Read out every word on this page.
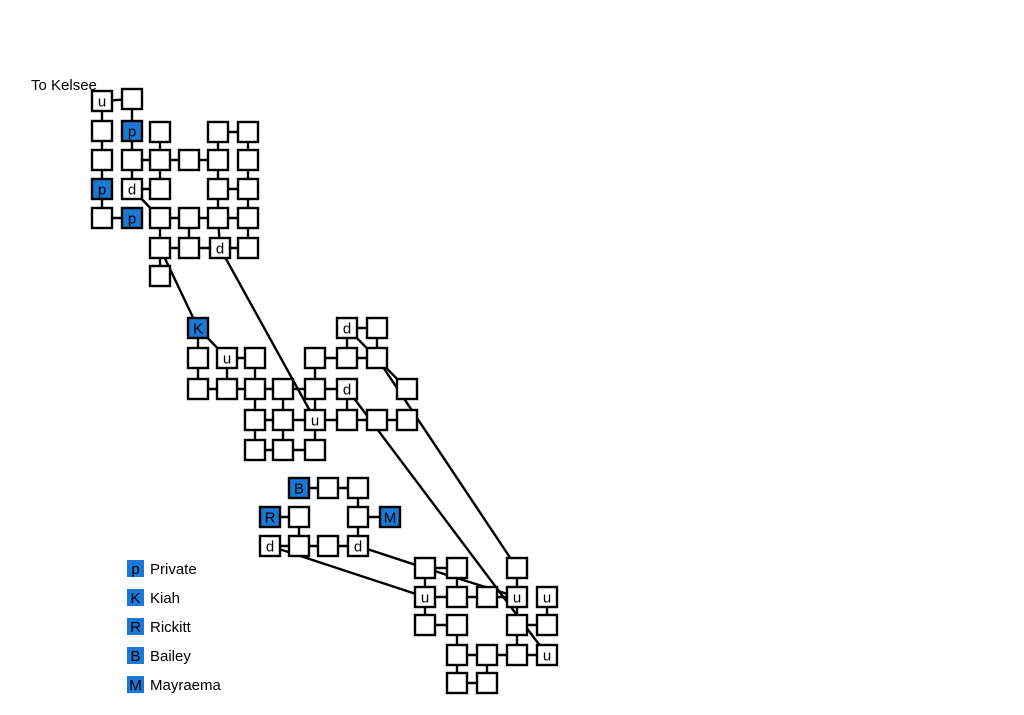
u
p
p d
p
d
K
u
d
d
u
B
R	M
d	d
u	u u
u
p Private
K Kiah
R Rickitt
B Bailey
M Mayraema
To Kelsee
